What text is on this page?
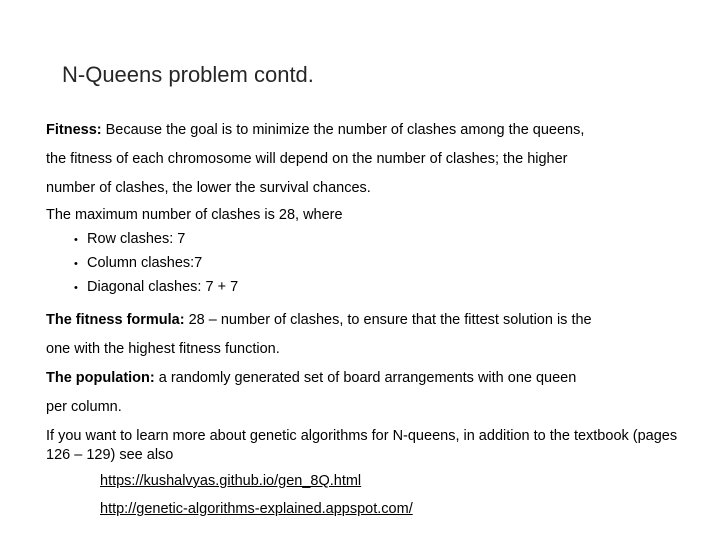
N-Queens problem contd.

Fitness: Because the goal is to minimize the number of clashes among the queens,

the fitness of each chromosome will depend on the number of clashes; the higher

number of clashes, the lower the survival chances.

The maximum number of clashes is 28, where

• Row clashes: 7
• Column clashes:7
• Diagonal clashes: 7 + 7

The fitness formula: 28 – number of clashes, to ensure that the fittest solution is the

one with the highest fitness function.

The population: a randomly generated set of board arrangements with one queen

per column.

If you want to learn more about genetic algorithms for N-queens, in addition to the textbook (pages 126 – 129) see also

https://kushalvyas.github.io/gen_8Q.html
http://genetic-algorithms-explained.appspot.com/
